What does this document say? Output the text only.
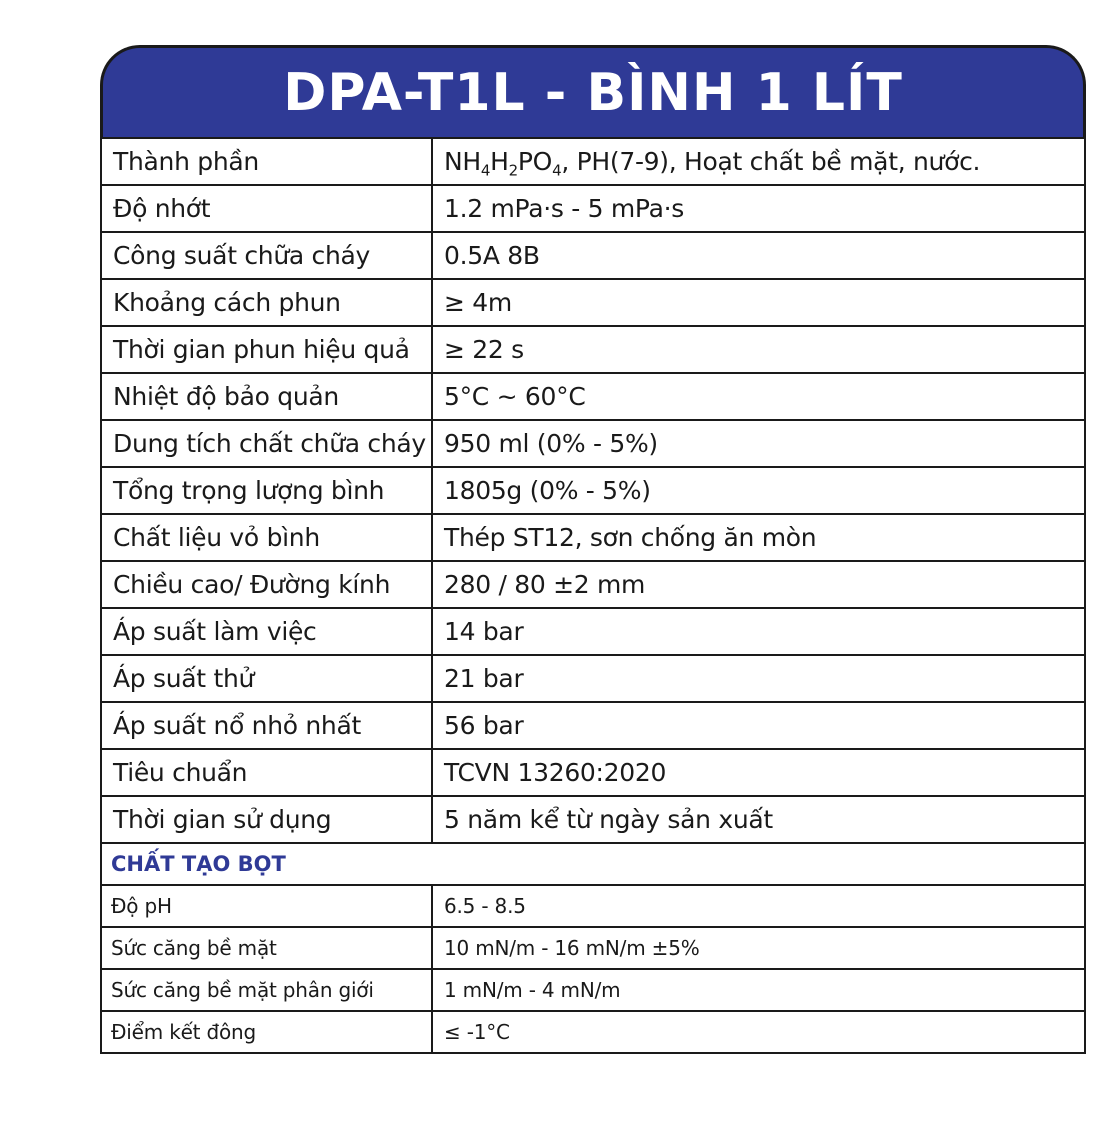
DPA-T1L - BÌNH 1 LÍT
Thành phần	$NH_4H_2PO_4$, PH(7-9), Hoạt chất bề mặt, nước.
Độ nhớt	1.2 mPa·s - 5 mPa·s
Công suất chữa cháy	0.5A 8B
Khoảng cách phun	≥ 4m
Thời gian phun hiệu quả	≥ 22 s
Nhiệt độ bảo quản	5°C ~ 60°C
Dung tích chất chữa cháy	950 ml (0% - 5%)
Tổng trọng lượng bình	1805g (0% - 5%)
Chất liệu vỏ bình	Thép ST12, sơn chống ăn mòn
Chiều cao/ Đường kính	280 / 80 ±2 mm
Áp suất làm việc	14 bar
Áp suất thử	21 bar
Áp suất nổ nhỏ nhất	56 bar
Tiêu chuẩn	TCVN 13260:2020
Thời gian sử dụng	5 năm kể từ ngày sản xuất
CHẤT TẠO BỌT	
Độ pH	6.5 - 8.5
Sức căng bề mặt	10 mN/m - 16 mN/m ±5%
Sức căng bề mặt phân giới	1 mN/m - 4 mN/m
Điểm kết đông	≤ -1°C
